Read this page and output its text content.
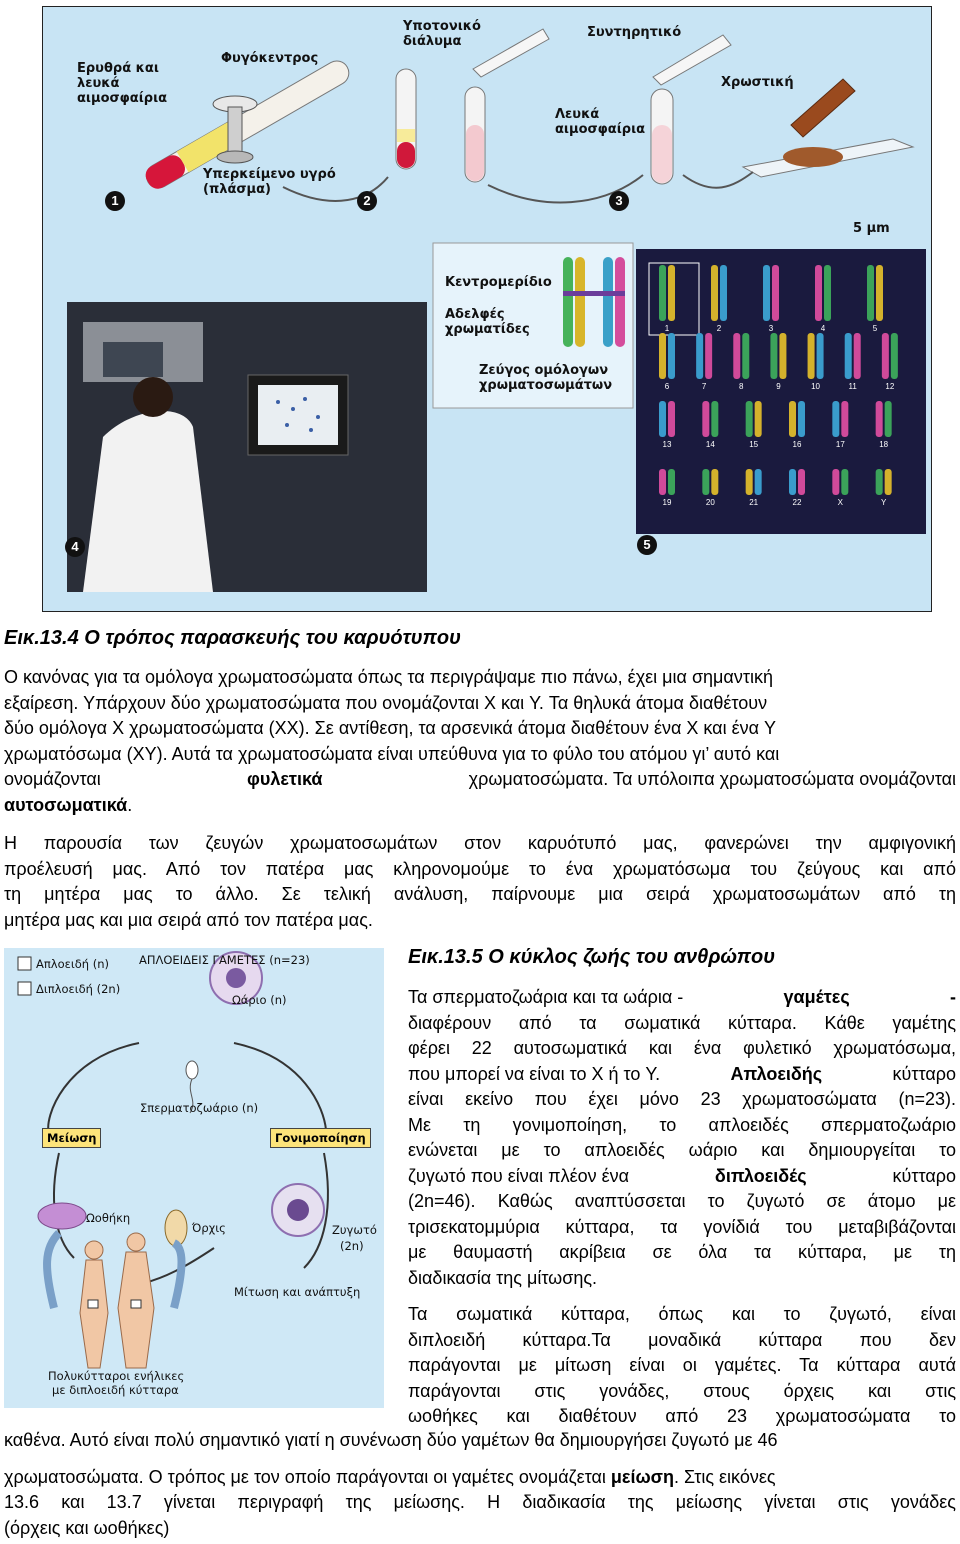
1	2	3	4	5
6	7	8	9	10	11	12
13	14	15	16	17	18
19	20	21	22	X	Y
Ερυθρά και λευκά αιμοσφαίρια
Φυγόκεντρος
Υπερκείμενο υγρό (πλάσμα)
Υποτονικό διάλυμα
Συντηρητικό
Χρωστική
Λευκά αιμοσφαίρια
5 μm
Κεντρομερίδιο
Αδελφές χρωματίδες
Ζεύγος ομόλογων χρωματοσωμάτων
1	2	3
4	5
Εικ.13.4 Ο τρόπος παρασκευής του καρυότυπου
Ο κανόνας για τα ομόλογα χρωματοσώματα όπως τα περιγράψαμε πιο πάνω, έχει μια σημαντική
εξαίρεση. Υπάρχουν δύο χρωματοσώματα που ονομάζονται X και Y. Τα θηλυκά άτομα διαθέτουν
δύο ομόλογα X χρωματοσώματα (XX). Σε αντίθεση, τα αρσενικά άτομα διαθέτουν ένα X και ένα Y
χρωματόσωμα (XY). Αυτά τα χρωματοσώματα είναι υπεύθυνα για το φύλο του ατόμου γι’ αυτό και
ονομάζονται	φυλετικά	χρωματοσώματα. Τα υπόλοιπα χρωματοσώματα ονομάζονται
αυτοσωματικά.
Η παρουσία των ζευγών χρωματοσωμάτων στον καρυότυπό μας, φανερώνει την αμφιγονική
προέλευσή μας. Από τον πατέρα μας κληρονομούμε το ένα χρωματόσωμα του ζεύγους και από
τη μητέρα μας το άλλο. Σε τελική ανάλυση, παίρνουμε μια σειρά χρωματοσωμάτων από τη
μητέρα μας και μια σειρά από τον πατέρα μας.
Απλοειδή (n)
Διπλοειδή (2n)
ΑΠΛΟΕΙΔΕΙΣ ΓΑΜΕΤΕΣ (n=23)
Ωάριο (n)
Σπερματοζωάριο (n)
Μείωση	Γονιμοποίηση
Ωοθήκη
Όρχις	Ζυγωτό
(2n)
Μίτωση και ανάπτυξη
Πολυκύτταροι ενήλικες
με διπλοειδή κύτταρα
Εικ.13.5 Ο κύκλος ζωής του ανθρώπου
Τα σπερματοζωάρια και τα ωάρια -	γαμέτες	-
διαφέρουν από τα σωματικά κύτταρα. Κάθε γαμέτης
φέρει 22 αυτοσωματικά και ένα φυλετικό χρωματόσωμα,
που μπορεί να είναι το X ή το Y.	Απλοειδής	κύτταρο
είναι εκείνο που έχει μόνο 23 χρωματοσώματα (n=23).
Με τη γονιμοποίηση, το απλοειδές σπερματοζωάριο
ενώνεται με το απλοειδές ωάριο και δημιουργείται το
ζυγωτό που είναι πλέον ένα	διπλοειδές	κύτταρο
(2n=46). Καθώς αναπτύσσεται το ζυγωτό σε άτομο με
τρισεκατομμύρια κύτταρα, τα γονίδιά του μεταβιβάζονται
με θαυμαστή ακρίβεια σε όλα τα κύτταρα, με τη
διαδικασία της μίτωσης.
Τα σωματικά κύτταρα, όπως και το ζυγωτό, είναι
διπλοειδή κύτταρα.Τα μοναδικά κύτταρα που δεν
παράγονται με μίτωση είναι οι γαμέτες. Τα κύτταρα αυτά
παράγονται στις γονάδες, στους όρχεις και στις
ωοθήκες και διαθέτουν από 23 χρωματοσώματα το
καθένα. Αυτό είναι πολύ σημαντικό γιατί η συνένωση δύο γαμέτων θα δημιουργήσει ζυγωτό με 46
χρωματοσώματα. Ο τρόπος με τον οποίο παράγονται οι γαμέτες ονομάζεται μείωση. Στις εικόνες
13.6 και 13.7 γίνεται περιγραφή της μείωσης. Η διαδικασία της μείωσης γίνεται στις γονάδες
(όρχεις και ωοθήκες)
